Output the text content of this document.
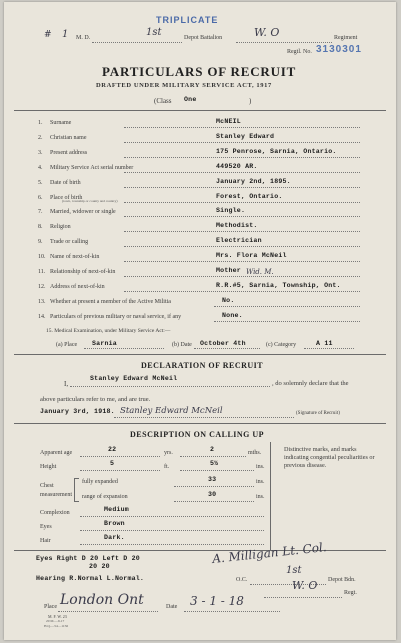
TRIPLICATE
# 1 M. D.	1st	Depot Battalion	W. O	Regiment
Regtl. No. 3130301
PARTICULARS OF RECRUIT
DRAFTED UNDER MILITARY SERVICE ACT, 1917
(Class One	)
1. Surname	McNEIL
2. Christian name	Stanley Edward
3. Present address	175 Penrose, Sarnia, Ontario.
4. Military Service Act serial number	449520 AR.
5. Date of birth	January 2nd, 1895.
6. Place of birth	Forest, Ontario.
7. Married, widower or single	Single.
8. Religion	Methodist.
9. Trade or calling	Electrician
10. Name of next-of-kin	Mrs. Flora McNeil
11. Relationship of next-of-kin	Mother
12. Address of next-of-kin	R.R.#5, Sarnia, Township, Ont.
13. Whether at present a member of the Active Militia	No.
14. Particulars of previous military or naval service, if any	None.
(town, township or county and country)
Wid. M.
15. Medical Examination, under Military Service Act:—
(a) Place Sarnia	(b) Date October 4th	(c) Category	A 11
DECLARATION OF RECRUIT
I,
Stanley Edward McNeil
, do solemnly declare that the
above particulars refer to me, and are true.
January 3rd, 1918. Stanley Edward McNeil	(Signature of Recruit)
DESCRIPTION ON CALLING UP
Apparent age	22	yrs.	2	mths.
Height	5	ft.	5½	ins.
Chest measurement
fully expanded	33	ins.
range of expansion	30	ins.
Complexion	Medium
Eyes	Brown
Hair	Dark.
Distinctive marks, and marks indicating congential peculiarities or previous disease.
Eyes Right D 20 Left D 20
20 20
Hearing R.Normal L.Normal.
A. Milligan Lt. Col.
O.C.
1st
Depot Bdn.
W. O
Regt.
Place London Ont	Date 3 - 1 - 18
M. F. W. 23
20 M.—9-17
H.Q.—54—1156
